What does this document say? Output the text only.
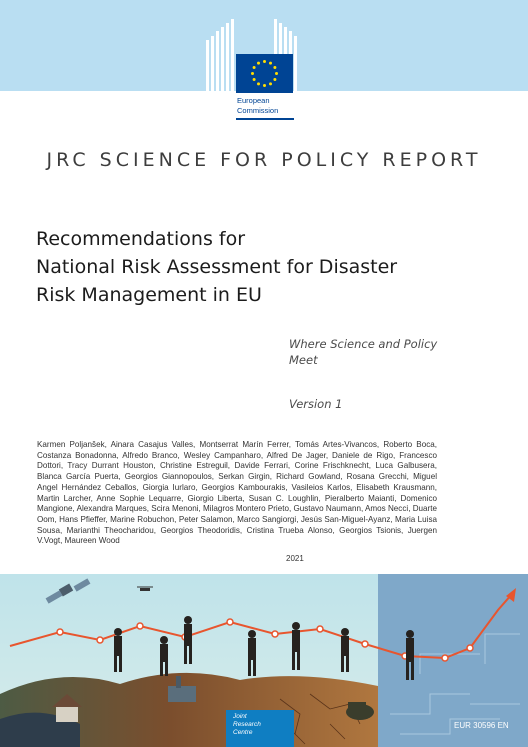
European
Commission
JRC SCIENCE FOR POLICY REPORT
Recommendations for
National Risk Assessment for Disaster
Risk Management in EU
Where Science and Policy
Meet
Version 1
Karmen Poljanšek, Ainara Casajus Valles, Montserrat Marín Ferrer, Tomás Artes-Vivancos, Roberto Boca, Costanza Bonadonna, Alfredo Branco, Wesley Campanharo, Alfred De Jager, Daniele de Rigo, Francesco Dottori, Tracy Durrant Houston, Christine Estreguil, Davide Ferrari, Corine Frischknecht, Luca Galbusera, Blanca García Puerta, Georgios Giannopoulos, Serkan Girgin, Richard Gowland, Rosana Grecchi, Miguel Angel Hernández Ceballos, Giorgia Iurlaro, Georgios Kambourakis, Vasileios Karlos, Elisabeth Krausmann, Martin Larcher, Anne Sophie Lequarre, Giorgio Liberta, Susan C. Loughlin, Pieralberto Maianti, Domenico Mangione, Alexandra Marques, Scira Menoni, Milagros Montero Prieto, Gustavo Naumann, Amos Necci, Duarte Oom, Hans Pfieffer, Marine Robuchon, Peter Salamon, Marco Sangiorgi, Jesús San-Miguel-Ayanz, Maria Luisa Sousa, Marianthi Theocharidou, Georgios Theodoridis, Cristina Trueba Alonso, Georgios Tsionis, Juergen V.Vogt, Maureen Wood
2021
Joint
Research
Centre
EUR 30596 EN
